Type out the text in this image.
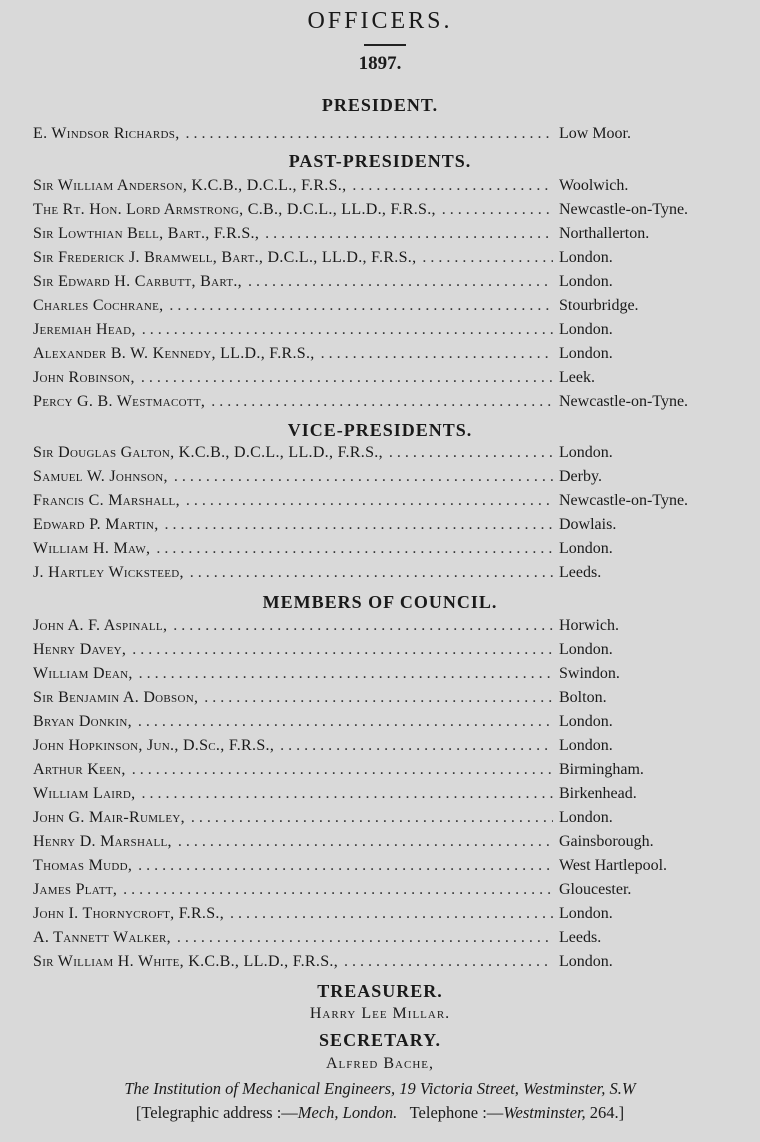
OFFICERS.
1897.
PRESIDENT.
E. Windsor Richards, . . .	Low Moor.
PAST-PRESIDENTS.
Sir William Anderson, K.C.B., D.C.L., F.R.S., . . .	Woolwich.
The Rt. Hon. Lord Armstrong, C.B., D.C.L., LL.D., F.R.S., . . .	Newcastle-on-Tyne.
Sir Lowthian Bell, Bart., F.R.S., . . .	Northallerton.
Sir Frederick J. Bramwell, Bart., D.C.L., LL.D., F.R.S., . . .	London.
Sir Edward H. Carbutt, Bart., . . .	London.
Charles Cochrane, . . .	Stourbridge.
Jeremiah Head, . . .	London.
Alexander B. W. Kennedy, LL.D., F.R.S., . . .	London.
John Robinson, . . .	Leek.
Percy G. B. Westmacott, . . .	Newcastle-on-Tyne.
VICE-PRESIDENTS.
Sir Douglas Galton, K.C.B., D.C.L., LL.D., F.R.S., . . .	London.
Samuel W. Johnson, . . .	Derby.
Francis C. Marshall, . . .	Newcastle-on-Tyne.
Edward P. Martin, . . .	Dowlais.
William H. Maw, . . .	London.
J. Hartley Wicksteed, . . .	Leeds.
MEMBERS OF COUNCIL.
John A. F. Aspinall, . . .	Horwich.
Henry Davey, . . .	London.
William Dean, . . .	Swindon.
Sir Benjamin A. Dobson, . . .	Bolton.
Bryan Donkin, . . .	London.
John Hopkinson, Jun., D.Sc., F.R.S., . . .	London.
Arthur Keen, . . .	Birmingham.
William Laird, . . .	Birkenhead.
John G. Mair-Rumley, . . .	London.
Henry D. Marshall, . . .	Gainsborough.
Thomas Mudd, . . .	West Hartlepool.
James Platt, . . .	Gloucester.
John I. Thornycroft, F.R.S., . . .	London.
A. Tannett Walker, . . .	Leeds.
Sir William H. White, K.C.B., LL.D., F.R.S., . . .	London.
TREASURER.
Harry Lee Millar.
SECRETARY.
Alfred Bache,
The Institution of Mechanical Engineers, 19 Victoria Street, Westminster, S.W
[Telegraphic address :—Mech, London. Telephone :—Westminster, 264.]
